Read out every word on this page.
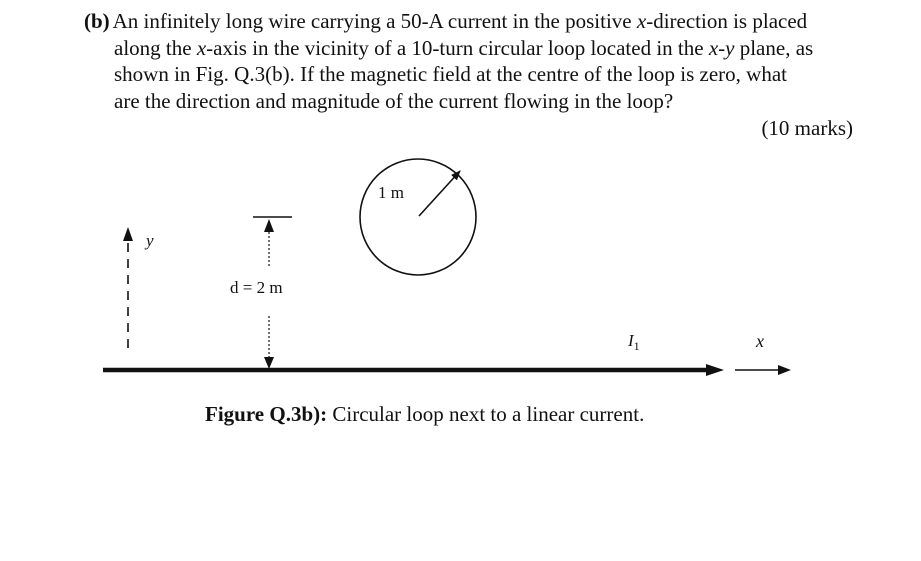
(b) An infinitely long wire carrying a 50-A current in the positive x-direction is placed

along the x-axis in the vicinity of a 10-turn circular loop located in the x-y plane, as

shown in Fig. Q.3(b). If the magnetic field at the centre of the loop is zero, what

are the direction and magnitude of the current flowing in the loop?

(10 marks)
y
d = 2 m
1 m
$I_1$	x
Figure Q.3b): Circular loop next to a linear current.
